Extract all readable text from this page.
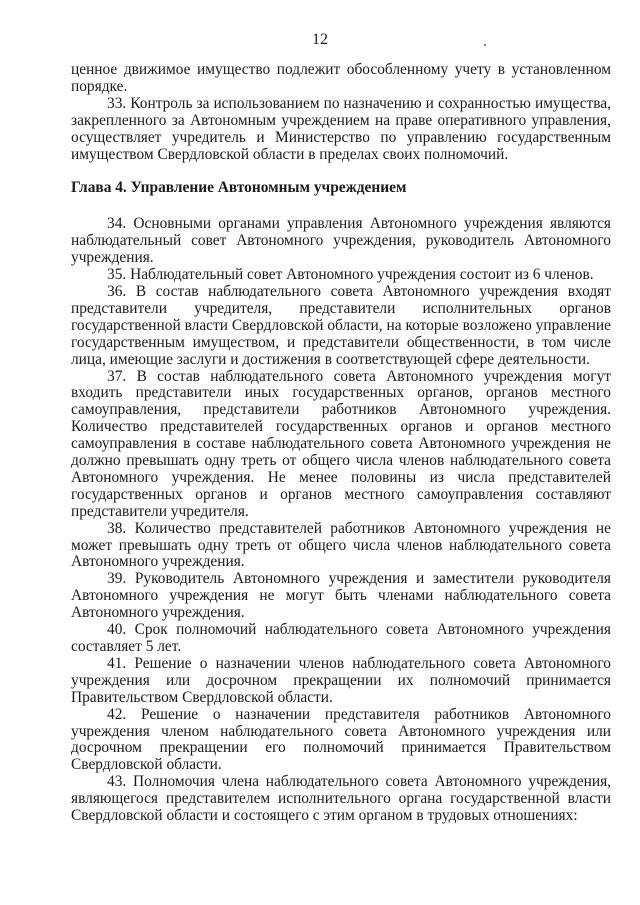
12

ценное движимое имущество подлежит обособленному учету в установленном порядке.

33. Контроль за использованием по назначению и сохранностью имущества, закрепленного за Автономным учреждением на праве оперативного управления, осуществляет учредитель и Министерство по управлению государственным имуществом Свердловской области в пределах своих полномочий.

Глава 4. Управление Автономным учреждением

34. Основными органами управления Автономного учреждения являются наблюдательный совет Автономного учреждения, руководитель Автономного учреждения.

35. Наблюдательный совет Автономного учреждения состоит из 6 членов.

36. В состав наблюдательного совета Автономного учреждения входят представители учредителя, представители исполнительных органов государственной власти Свердловской области, на которые возложено управление государственным имуществом, и представители общественности, в том числе лица, имеющие заслуги и достижения в соответствующей сфере деятельности.

37. В состав наблюдательного совета Автономного учреждения могут входить представители иных государственных органов, органов местного самоуправления, представители работников Автономного учреждения. Количество представителей государственных органов и органов местного самоуправления в составе наблюдательного совета Автономного учреждения не должно превышать одну треть от общего числа членов наблюдательного совета Автономного учреждения. Не менее половины из числа представителей государственных органов и органов местного самоуправления составляют представители учредителя.

38. Количество представителей работников Автономного учреждения не может превышать одну треть от общего числа членов наблюдательного совета Автономного учреждения.

39. Руководитель Автономного учреждения и заместители руководителя Автономного учреждения не могут быть членами наблюдательного совета Автономного учреждения.

40. Срок полномочий наблюдательного совета Автономного учреждения составляет 5 лет.

41. Решение о назначении членов наблюдательного совета Автономного учреждения или досрочном прекращении их полномочий принимается Правительством Свердловской области.

42. Решение о назначении представителя работников Автономного учреждения членом наблюдательного совета Автономного учреждения или досрочном прекращении его полномочий принимается Правительством Свердловской области.

43. Полномочия члена наблюдательного совета Автономного учреждения, являющегося представителем исполнительного органа государственной власти Свердловской области и состоящего с этим органом в трудовых отношениях:
